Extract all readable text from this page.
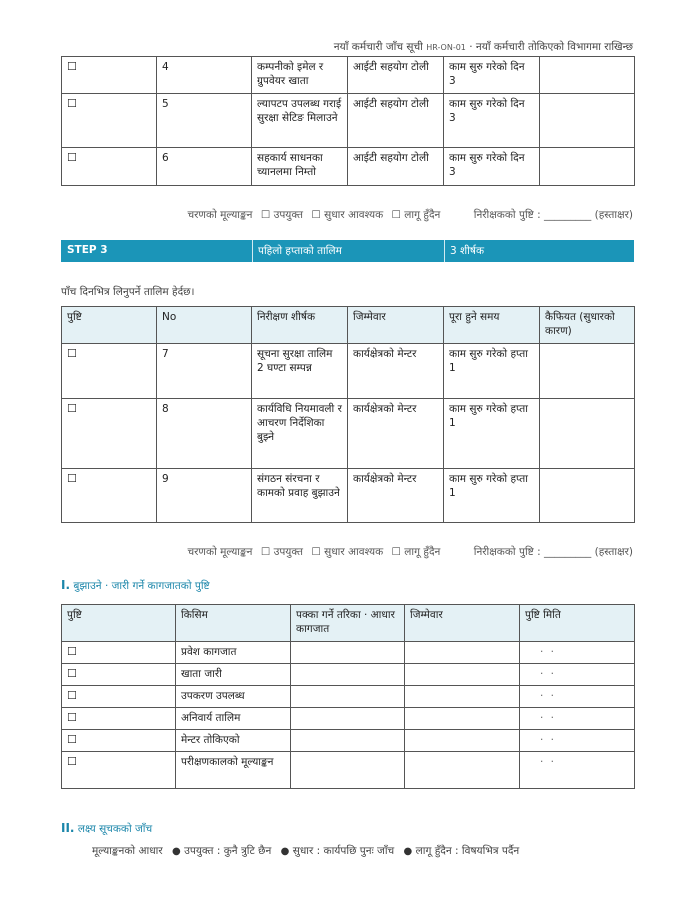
नयाँ कर्मचारी जाँच सूची HR-ON-01 · नयाँ कर्मचारी तोकिएको विभागमा राखिन्छ
☐	4	कम्पनीको इमेल र ग्रुपवेयर खाता	आईटी सहयोग टोली	काम सुरु गरेको दिन 3	
☐	5	ल्यापटप उपलब्ध गराई सुरक्षा सेटिङ मिलाउने	आईटी सहयोग टोली	काम सुरु गरेको दिन 3	
☐	6	सहकार्य साधनका च्यानलमा निम्तो	आईटी सहयोग टोली	काम सुरु गरेको दिन 3	
चरणको मूल्याङ्कन ☐ उपयुक्त ☐ सुधार आवश्यक ☐ लागू हुँदैन	निरीक्षकको पुष्टि : _________ (हस्ताक्षर)
STEP 3	पहिलो हप्ताको तालिम	3 शीर्षक
पाँच दिनभित्र लिनुपर्ने तालिम हेर्दछ।
पुष्टि	No	निरीक्षण शीर्षक	जिम्मेवार	पूरा हुने समय	कैफियत (सुधारको कारण)
☐	7	सूचना सुरक्षा तालिम 2 घण्टा सम्पन्न	कार्यक्षेत्रको मेन्टर	काम सुरु गरेको हप्ता 1	
☐	8	कार्यविधि नियमावली र आचरण निर्देशिका बुझ्ने	कार्यक्षेत्रको मेन्टर	काम सुरु गरेको हप्ता 1	
☐	9	संगठन संरचना र कामको प्रवाह बुझाउने	कार्यक्षेत्रको मेन्टर	काम सुरु गरेको हप्ता 1	
चरणको मूल्याङ्कन ☐ उपयुक्त ☐ सुधार आवश्यक ☐ लागू हुँदैन	निरीक्षकको पुष्टि : _________ (हस्ताक्षर)
I. बुझाउने · जारी गर्ने कागजातको पुष्टि
पुष्टि	किसिम	पक्का गर्ने तरिका · आधार कागजात	जिम्मेवार	पुष्टि मिति
☐	प्रवेश कागजात			· ·
☐	खाता जारी			· ·
☐	उपकरण उपलब्ध			· ·
☐	अनिवार्य तालिम			· ·
☐	मेन्टर तोकिएको			· ·
☐	परीक्षणकालको मूल्याङ्कन			· ·
II. लक्ष्य सूचकको जाँच
मूल्याङ्कनको आधार ● उपयुक्त : कुनै त्रुटि छैन ● सुधार : कार्यपछि पुनः जाँच ● लागू हुँदैन : विषयभित्र पर्दैन
